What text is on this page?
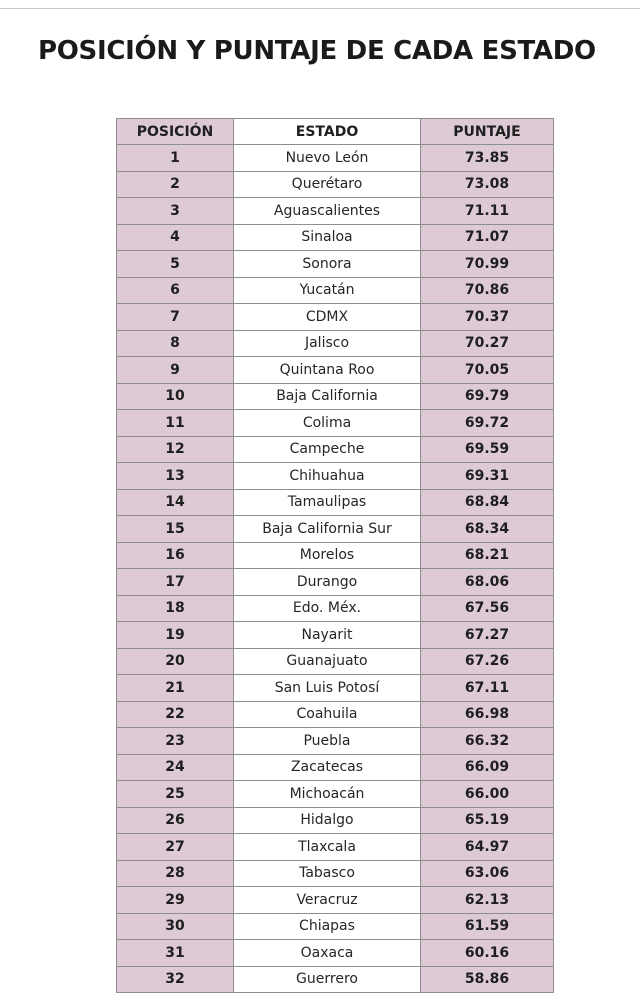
POSICIÓN Y PUNTAJE DE CADA ESTADO
POSICIÓN	ESTADO	PUNTAJE
1	Nuevo León	73.85
2	Querétaro	73.08
3	Aguascalientes	71.11
4	Sinaloa	71.07
5	Sonora	70.99
6	Yucatán	70.86
7	CDMX	70.37
8	Jalisco	70.27
9	Quintana Roo	70.05
10	Baja California	69.79
11	Colima	69.72
12	Campeche	69.59
13	Chihuahua	69.31
14	Tamaulipas	68.84
15	Baja California Sur	68.34
16	Morelos	68.21
17	Durango	68.06
18	Edo. Méx.	67.56
19	Nayarit	67.27
20	Guanajuato	67.26
21	San Luis Potosí	67.11
22	Coahuila	66.98
23	Puebla	66.32
24	Zacatecas	66.09
25	Michoacán	66.00
26	Hidalgo	65.19
27	Tlaxcala	64.97
28	Tabasco	63.06
29	Veracruz	62.13
30	Chiapas	61.59
31	Oaxaca	60.16
32	Guerrero	58.86
